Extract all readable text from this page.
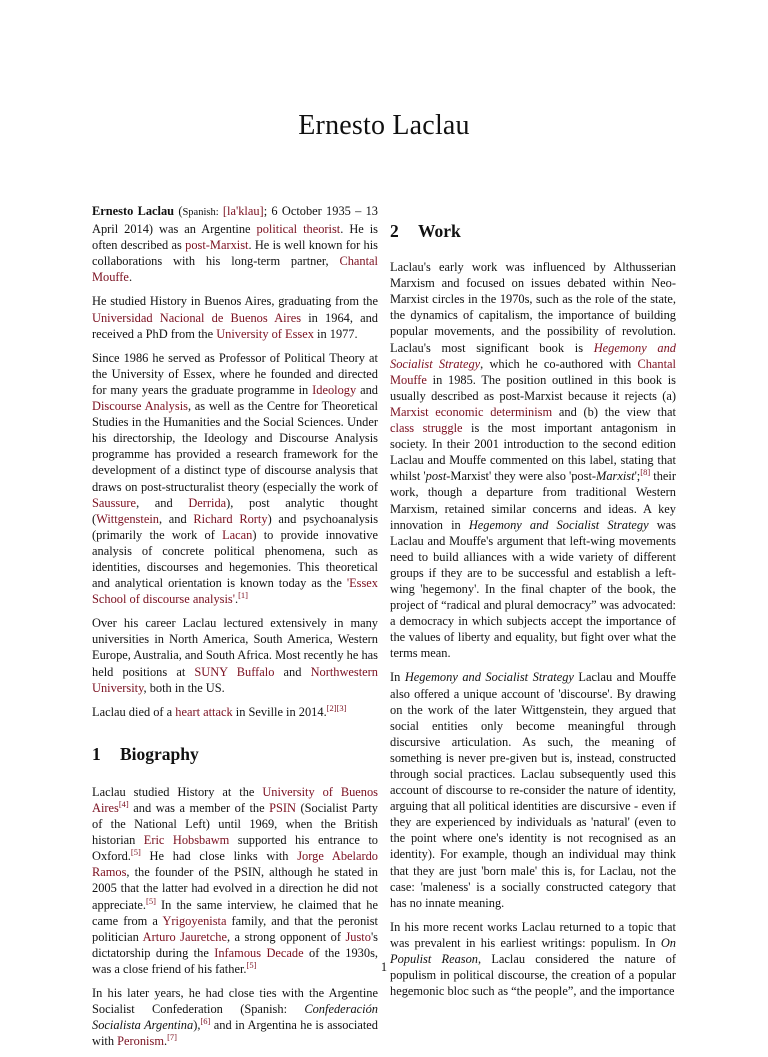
Ernesto Laclau

Ernesto Laclau (Spanish: [la'klau]; 6 October 1935 – 13 April 2014) was an Argentine political theorist. He is often described as post-Marxist. He is well known for his collaborations with his long-term partner, Chantal Mouffe.

He studied History in Buenos Aires, graduating from the Universidad Nacional de Buenos Aires in 1964, and received a PhD from the University of Essex in 1977.

Since 1986 he served as Professor of Political Theory at the University of Essex, where he founded and directed for many years the graduate programme in Ideology and Discourse Analysis, as well as the Centre for Theoretical Studies in the Humanities and the Social Sciences. Under his directorship, the Ideology and Discourse Analysis programme has provided a research framework for the development of a distinct type of discourse analysis that draws on post-structuralist theory (especially the work of Saussure, and Derrida), post analytic thought (Wittgenstein, and Richard Rorty) and psychoanalysis (primarily the work of Lacan) to provide innovative analysis of concrete political phenomena, such as identities, discourses and hegemonies. This theoretical and analytical orientation is known today as the 'Essex School of discourse analysis'.[1]

Over his career Laclau lectured extensively in many universities in North America, South America, Western Europe, Australia, and South Africa. Most recently he has held positions at SUNY Buffalo and Northwestern University, both in the US.

Laclau died of a heart attack in Seville in 2014.[2][3]

1 Biography

Laclau studied History at the University of Buenos Aires[4] and was a member of the PSIN (Socialist Party of the National Left) until 1969, when the British historian Eric Hobsbawm supported his entrance to Oxford.[5] He had close links with Jorge Abelardo Ramos, the founder of the PSIN, although he stated in 2005 that the latter had evolved in a direction he did not appreciate.[5] In the same interview, he claimed that he came from a Yrigoyenista family, and that the peronist politician Arturo Jauretche, a strong opponent of Justo's dictatorship during the Infamous Decade of the 1930s, was a close friend of his father.[5]

In his later years, he had close ties with the Argentine Socialist Confederation (Spanish: Confederación Socialista Argentina),[6] and in Argentina he is associated with Peronism.[7]

2 Work

Laclau's early work was influenced by Althusserian Marxism and focused on issues debated within Neo-Marxist circles in the 1970s, such as the role of the state, the dynamics of capitalism, the importance of building popular movements, and the possibility of revolution. Laclau's most significant book is Hegemony and Socialist Strategy, which he co-authored with Chantal Mouffe in 1985. The position outlined in this book is usually described as post-Marxist because it rejects (a) Marxist economic determinism and (b) the view that class struggle is the most important antagonism in society. In their 2001 introduction to the second edition Laclau and Mouffe commented on this label, stating that whilst 'post-Marxist' they were also 'post-Marxist';[8] their work, though a departure from traditional Western Marxism, retained similar concerns and ideas. A key innovation in Hegemony and Socialist Strategy was Laclau and Mouffe's argument that left-wing movements need to build alliances with a wide variety of different groups if they are to be successful and establish a left-wing 'hegemony'. In the final chapter of the book, the project of “radical and plural democracy” was advocated: a democracy in which subjects accept the importance of the values of liberty and equality, but fight over what the terms mean.

In Hegemony and Socialist Strategy Laclau and Mouffe also offered a unique account of 'discourse'. By drawing on the work of the later Wittgenstein, they argued that social entities only become meaningful through discursive articulation. As such, the meaning of something is never pre-given but is, instead, constructed through social practices. Laclau subsequently used this account of discourse to re-consider the nature of identity, arguing that all political identities are discursive - even if they are experienced by individuals as 'natural' (even to the point where one's identity is not recognised as an identity). For example, though an individual may think that they are just 'born male' this is, for Laclau, not the case: 'maleness' is a socially constructed category that has no innate meaning.

In his more recent works Laclau returned to a topic that was prevalent in his earliest writings: populism. In On Populist Reason, Laclau considered the nature of populism in political discourse, the creation of a popular hegemonic bloc such as “the people”, and the importance

1
